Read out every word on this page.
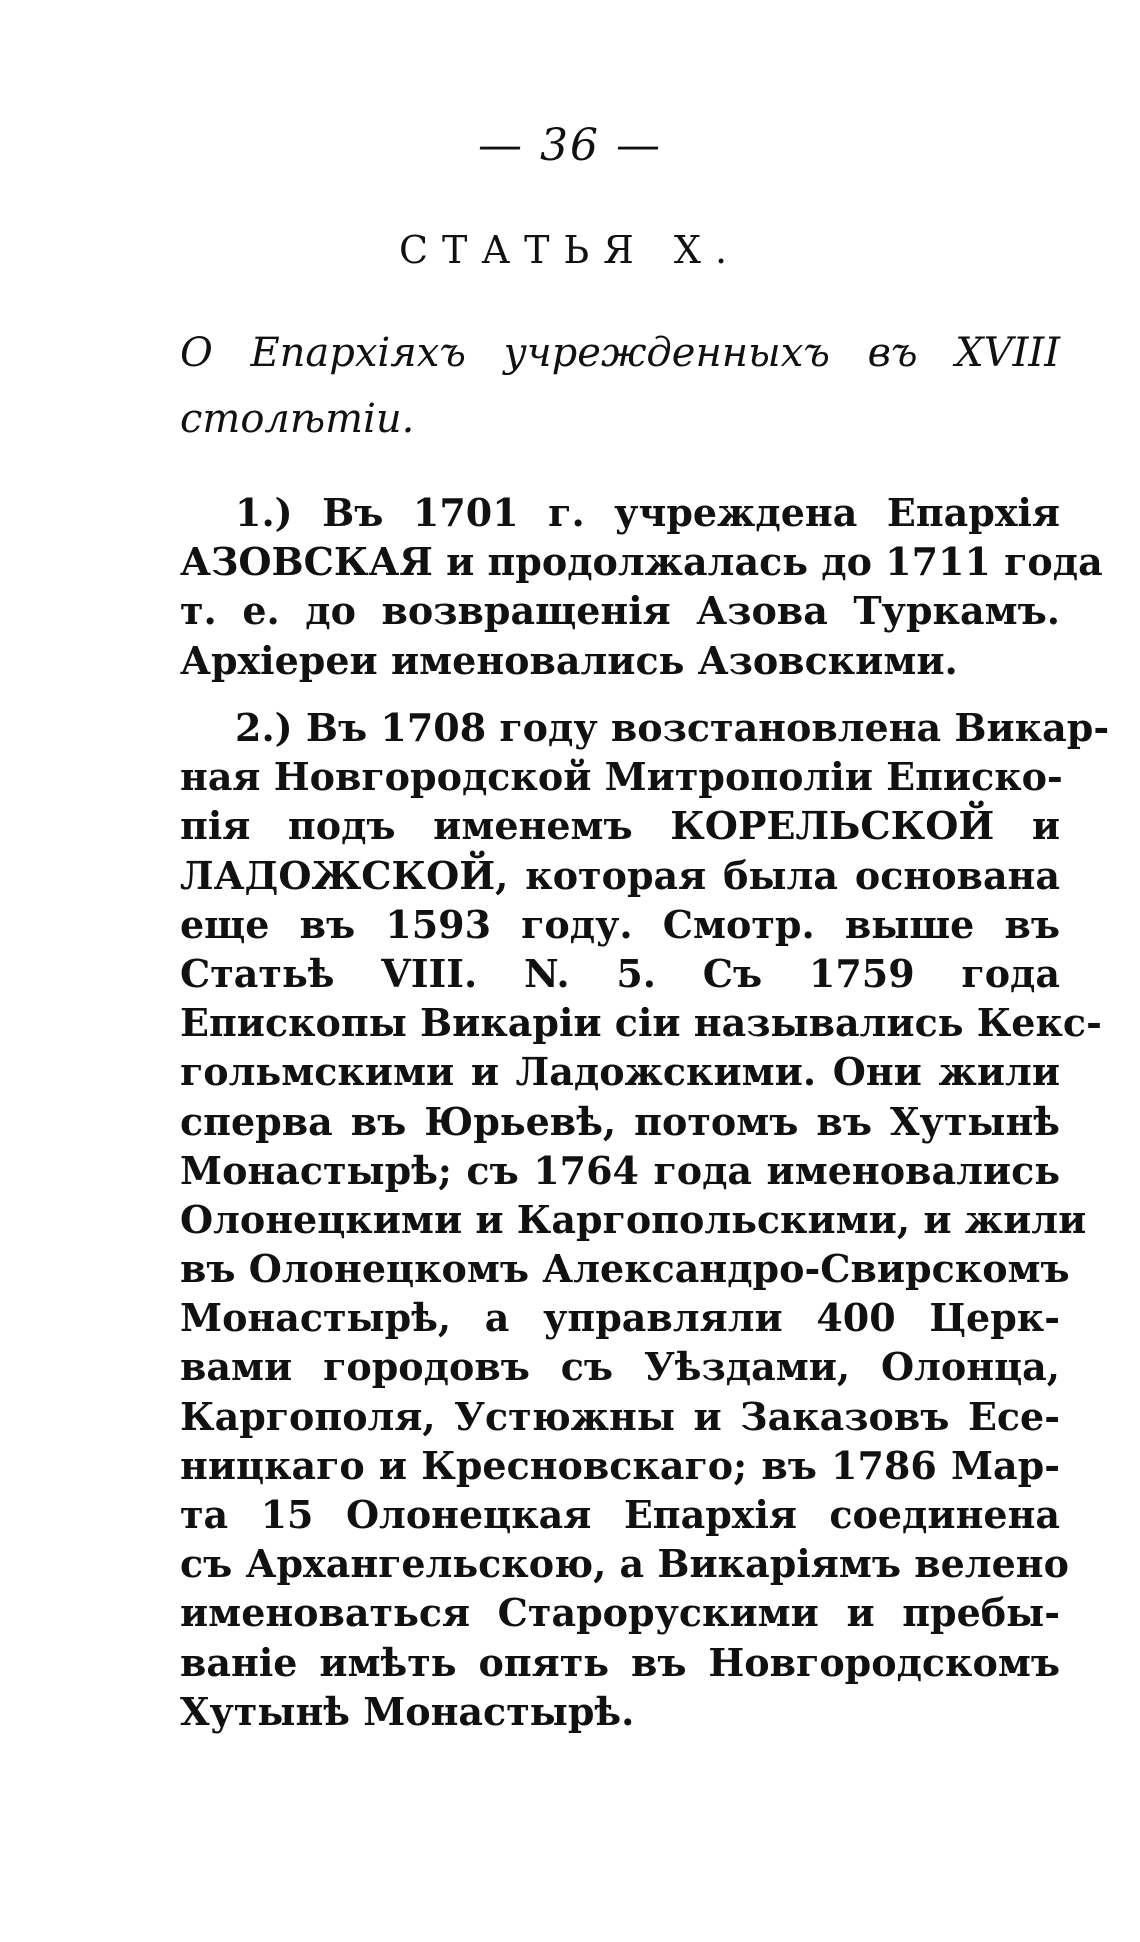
— 36 —
СТАТЬЯ X.
О Епархіяхъ учрежденныхъ въ XVIII
столѣтіи.
1.) Въ 1701 г. учреждена Епархія
АЗОВСКАЯ и продолжалась до 1711 года
т. е. до возвращенія Азова Туркамъ.
Архіереи именовались Азовскими.
2.) Въ 1708 году возстановлена Викар-
ная Новгородской Митрополіи Еписко-
пія подъ именемъ КОРЕЛЬСКОЙ и
ЛАДОЖСКОЙ, которая была основана
еще въ 1593 году. Смотр. выше въ
Статьѣ VIII. N. 5. Съ 1759 года
Епископы Викаріи сіи назывались Кекс-
гольмскими и Ладожскими. Они жили
сперва въ Юрьевѣ, потомъ въ Хутынѣ
Монастырѣ; съ 1764 года именовались
Олонецкими и Каргопольскими, и жили
въ Олонецкомъ Александро-Свирскомъ
Монастырѣ, а управляли 400 Церк-
вами городовъ съ Уѣздами, Олонца,
Каргополя, Устюжны и Заказовъ Есе-
ницкаго и Кресновскаго; въ 1786 Мар-
та 15 Олонецкая Епархія соединена
съ Архангельскою, а Викаріямъ велено
именоваться Старорускими и пребы-
ваніе имѣть опять въ Новгородскомъ
Хутынѣ Монастырѣ.
